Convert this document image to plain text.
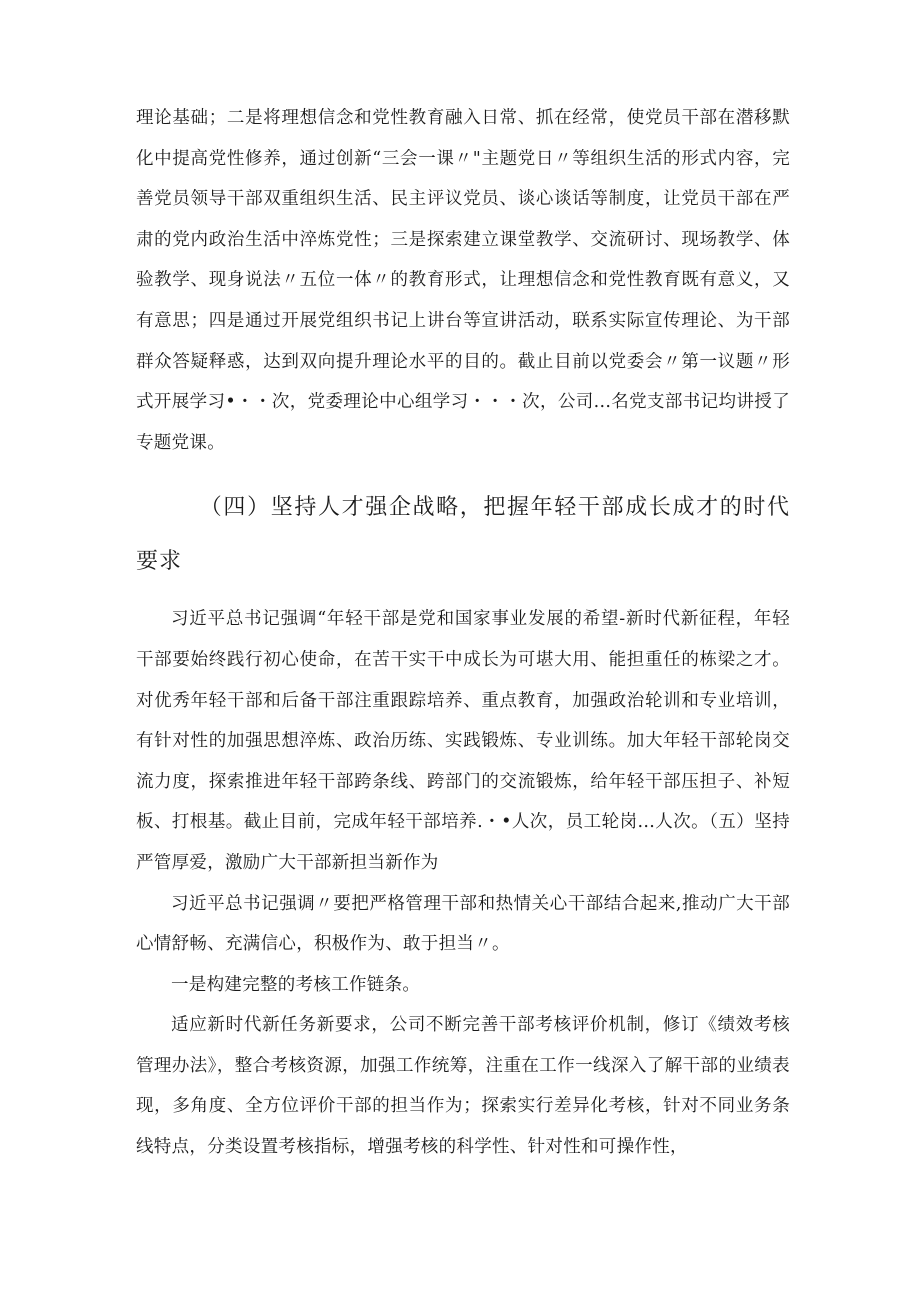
理论基础；二是将理想信念和党性教育融入日常、抓在经常，使党员干部在潜移默化中提高党性修养，通过创新“三会一课〃"主题党日〃等组织生活的形式内容，完善党员领导干部双重组织生活、民主评议党员、谈心谈话等制度，让党员干部在严肃的党内政治生活中淬炼党性；三是探索建立课堂教学、交流研讨、现场教学、体验教学、现身说法〃五位一体〃的教育形式，让理想信念和党性教育既有意义，又有意思；四是通过开展党组织书记上讲台等宣讲活动，联系实际宣传理论、为干部群众答疑释惑，达到双向提升理论水平的目的。截止目前以党委会〃第一议题〃形式开展学习•・・次，党委理论中心组学习・・・次，公司...名党支部书记均讲授了专题党课。

（四）坚持人才强企战略，把握年轻干部成长成才的时代要求

习近平总书记强调“年轻干部是党和国家事业发展的希望-新时代新征程，年轻干部要始终践行初心使命，在苦干实干中成长为可堪大用、能担重任的栋梁之才。对优秀年轻干部和后备干部注重跟踪培养、重点教育，加强政治轮训和专业培训，有针对性的加强思想淬炼、政治历练、实践锻炼、专业训练。加大年轻干部轮岗交流力度，探索推进年轻干部跨条线、跨部门的交流锻炼，给年轻干部压担子、补短板、打根基。截止目前，完成年轻干部培养.・•人次，员工轮岗...人次。（五）坚持严管厚爱，激励广大干部新担当新作为

习近平总书记强调〃要把严格管理干部和热情关心干部结合起来,推动广大干部心情舒畅、充满信心，积极作为、敢于担当〃。

一是构建完整的考核工作链条。

适应新时代新任务新要求，公司不断完善干部考核评价机制，修订《绩效考核管理办法》，整合考核资源，加强工作统筹，注重在工作一线深入了解干部的业绩表现，多角度、全方位评价干部的担当作为；探索实行差异化考核，针对不同业务条线特点，分类设置考核指标，增强考核的科学性、针对性和可操作性，
